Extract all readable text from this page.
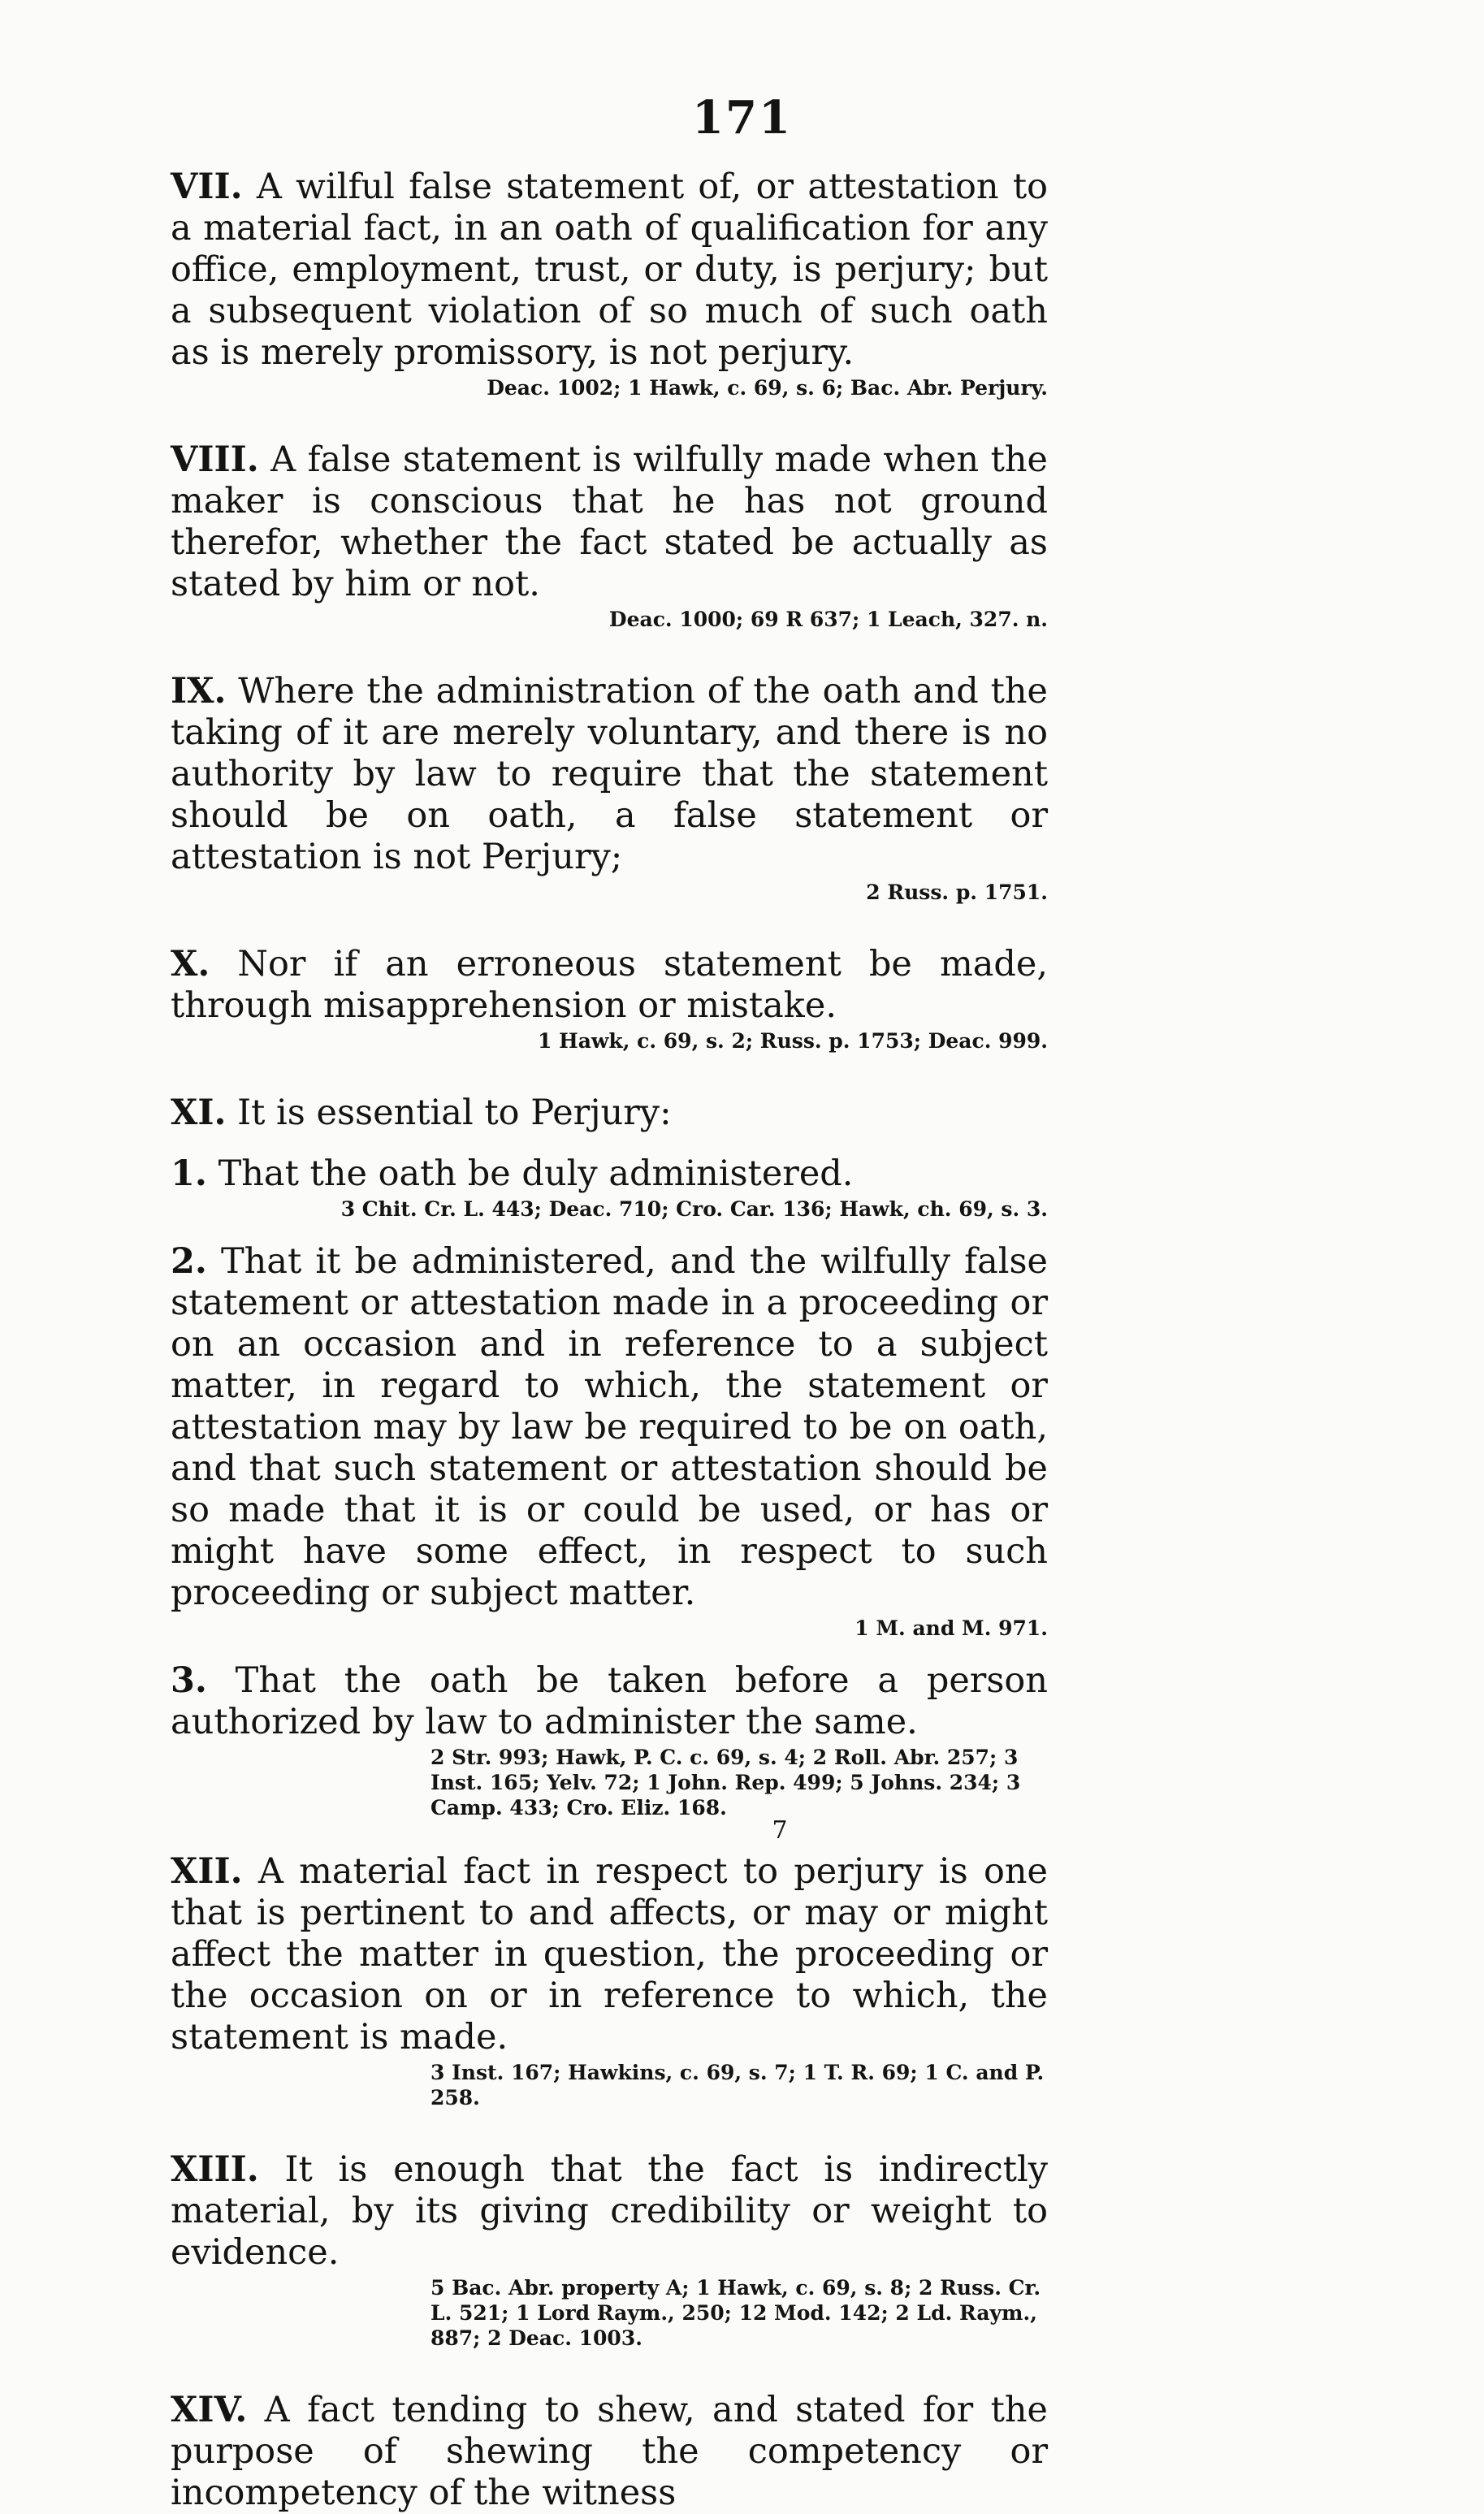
171

VII. A wilful false statement of, or attestation to a material fact, in an oath of qualification for any office, employment, trust, or duty, is perjury; but a subsequent violation of so much of such oath as is merely promissory, is not perjury.

Deac. 1002; 1 Hawk, c. 69, s. 6; Bac. Abr. Perjury.

VIII. A false statement is wilfully made when the maker is conscious that he has not ground therefor, whether the fact stated be actually as stated by him or not.

Deac. 1000; 69 R 637; 1 Leach, 327. n.

IX. Where the administration of the oath and the taking of it are merely voluntary, and there is no authority by law to require that the statement should be on oath, a false statement or attestation is not Perjury;

2 Russ. p. 1751.

X. Nor if an erroneous statement be made, through misapprehension or mistake.

1 Hawk, c. 69, s. 2; Russ. p. 1753; Deac. 999.

XI. It is essential to Perjury:

1. That the oath be duly administered.

3 Chit. Cr. L. 443; Deac. 710; Cro. Car. 136; Hawk, ch. 69, s. 3.

2. That it be administered, and the wilfully false statement or attestation made in a proceeding or on an occasion and in reference to a subject matter, in regard to which, the statement or attestation may by law be required to be on oath, and that such statement or attestation should be so made that it is or could be used, or has or might have some effect, in respect to such proceeding or subject matter.

1 M. and M. 971.

3. That the oath be taken before a person authorized by law to administer the same.

2 Str. 993; Hawk, P. C. c. 69, s. 4; 2 Roll. Abr. 257; 3 Inst. 165; Yelv. 72; 1 John. Rep. 499; 5 Johns. 234; 3 Camp. 433; Cro. Eliz. 168.

7

XII. A material fact in respect to perjury is one that is pertinent to and affects, or may or might affect the matter in question, the proceeding or the occasion on or in reference to which, the statement is made.

3 Inst. 167; Hawkins, c. 69, s. 7; 1 T. R. 69; 1 C. and P. 258.

XIII. It is enough that the fact is indirectly material, by its giving credibility or weight to evidence.

5 Bac. Abr. property A; 1 Hawk, c. 69, s. 8; 2 Russ. Cr. L. 521; 1 Lord Raym., 250; 12 Mod. 142; 2 Ld. Raym., 887; 2 Deac. 1003.

XIV. A fact tending to shew, and stated for the purpose of shewing the competency or incompetency of the witness
